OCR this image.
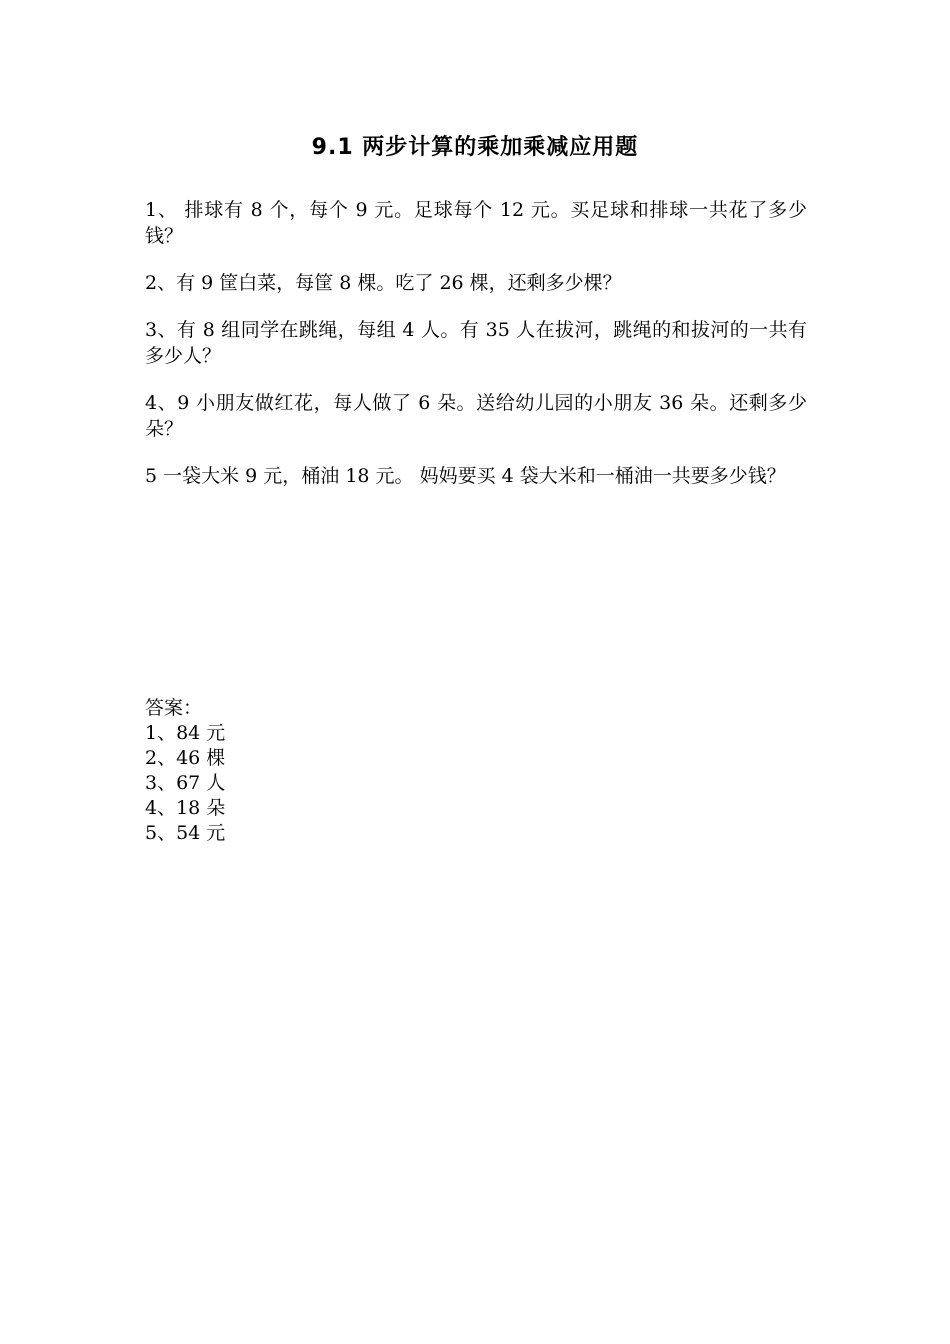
9.1 两步计算的乘加乘减应用题

1、 排球有 8 个，每个 9 元。足球每个 12 元。买足球和排球一共花了多少钱？

2、有 9 筐白菜，每筐 8 棵。吃了 26 棵，还剩多少棵？

3、有 8 组同学在跳绳，每组 4 人。有 35 人在拔河，跳绳的和拔河的一共有多少人？

4、9 小朋友做红花，每人做了 6 朵。送给幼儿园的小朋友 36 朵。还剩多少朵？

5 一袋大米 9 元，桶油 18 元。 妈妈要买 4 袋大米和一桶油一共要多少钱？

答案：

1、84 元

2、46 棵

3、67 人

4、18 朵

5、54 元
